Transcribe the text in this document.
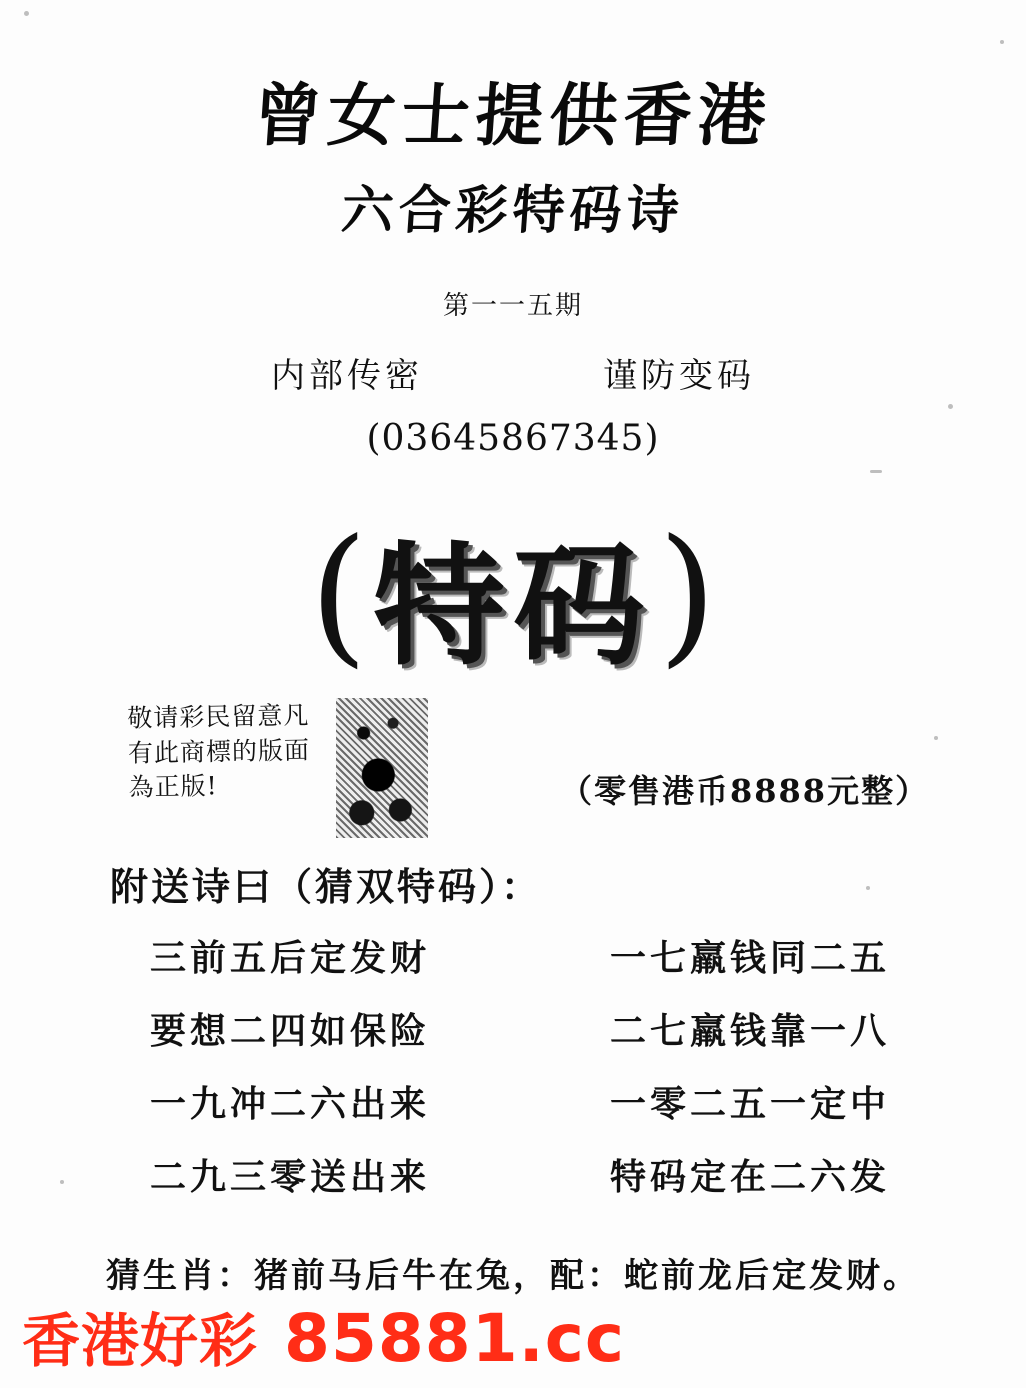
曾女士提供香港
六合彩特码诗
第一一五期
内部传密	谨防变码
(03645867345)
( 特码 )
敬请彩民留意凡有此商標的版面為正版!	（零售港币8888元整）
附送诗曰（猜双特码）：
三前五后定发财	一七羸钱同二五
要想二四如保险	二七羸钱靠一八
一九冲二六出来	一零二五一定中
二九三零送出来	特码定在二六发
猜生肖：猪前马后牛在兔，配：蛇前龙后定发财。
香港好彩 85881.cc
